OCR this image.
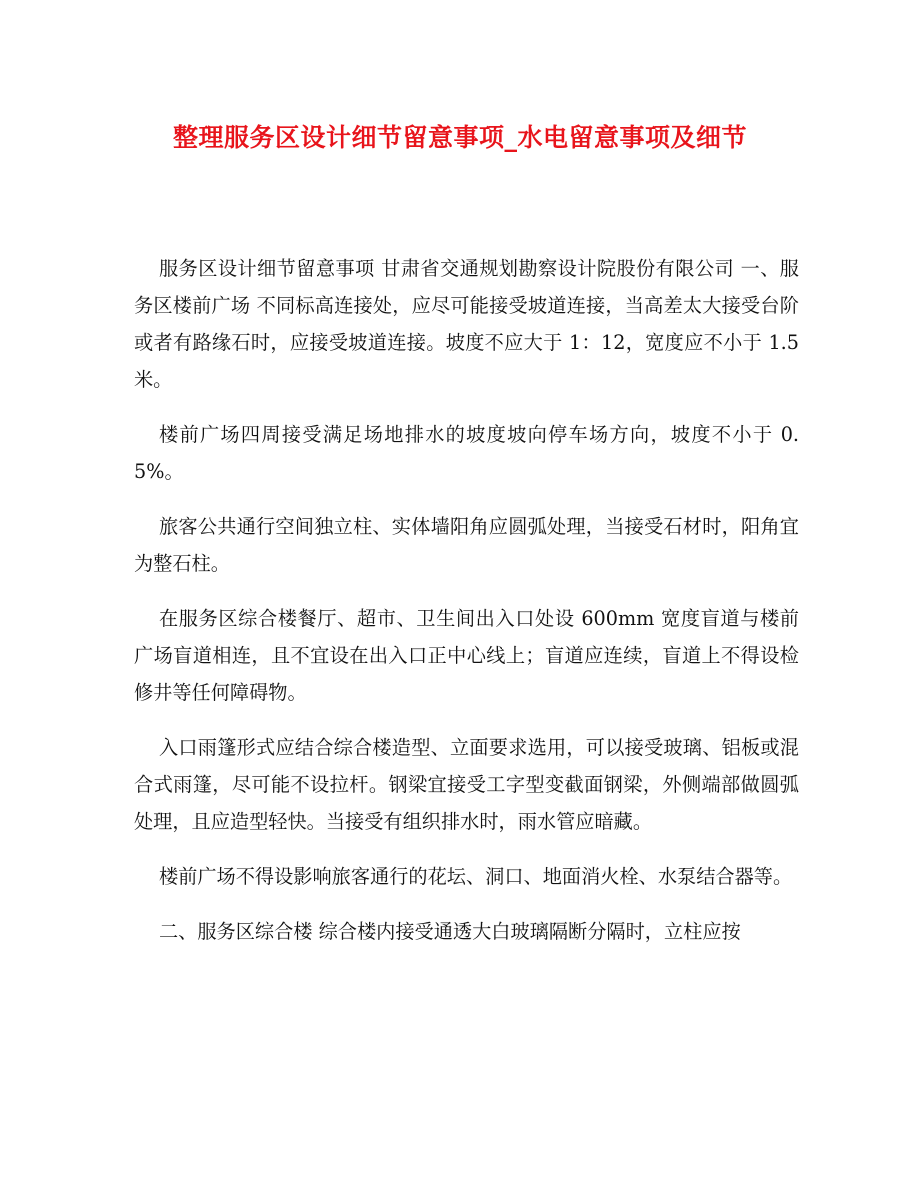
整理服务区设计细节留意事项_水电留意事项及细节

服务区设计细节留意事项 甘肃省交通规划勘察设计院股份有限公司 一、服务区楼前广场 不同标高连接处，应尽可能接受坡道连接，当高差太大接受台阶或者有路缘石时，应接受坡道连接。坡度不应大于 1：12，宽度应不小于 1.5 米。

楼前广场四周接受满足场地排水的坡度坡向停车场方向，坡度不小于 0.5%。

旅客公共通行空间独立柱、实体墙阳角应圆弧处理，当接受石材时，阳角宜为整石柱。

在服务区综合楼餐厅、超市、卫生间出入口处设 600mm 宽度盲道与楼前广场盲道相连，且不宜设在出入口正中心线上；盲道应连续，盲道上不得设检修井等任何障碍物。

入口雨篷形式应结合综合楼造型、立面要求选用，可以接受玻璃、铝板或混合式雨篷，尽可能不设拉杆。钢梁宜接受工字型变截面钢梁，外侧端部做圆弧处理，且应造型轻快。当接受有组织排水时，雨水管应暗藏。

楼前广场不得设影响旅客通行的花坛、洞口、地面消火栓、水泵结合器等。

二、服务区综合楼 综合楼内接受通透大白玻璃隔断分隔时，立柱应按
